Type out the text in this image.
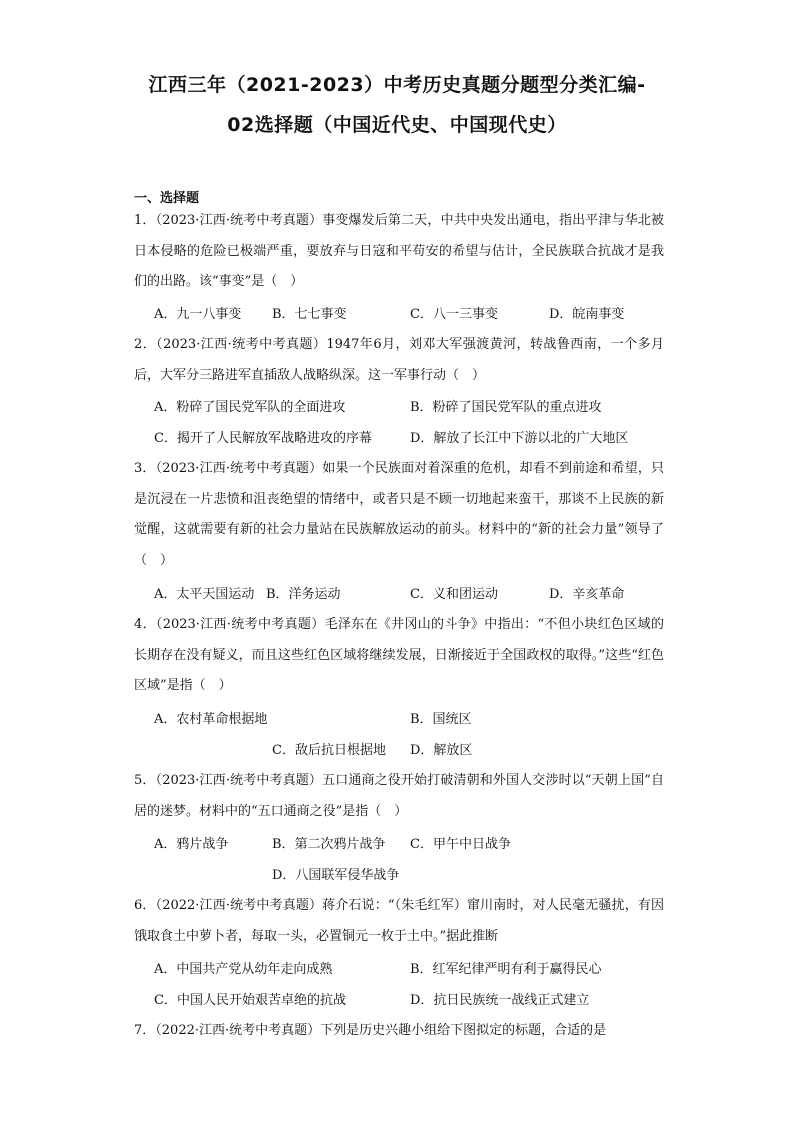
江西三年（2021-2023）中考历史真题分题型分类汇编-
02选择题（中国近代史、中国现代史）
一、选择题
1．（2023·江西·统考中考真题）事变爆发后第二天，中共中央发出通电，指出平津与华北被日本侵略的危险已极端严重，要放弃与日寇和平苟安的希望与估计，全民族联合抗战才是我们的出路。该“事变”是（　）
A．九一八事变 B．七七事变	C．八一三事变	D．皖南事变
2．（2023·江西·统考中考真题）1947年6月，刘邓大军强渡黄河，转战鲁西南，一个多月后，大军分三路进军直插敌人战略纵深。这一军事行动（　）
A．粉碎了国民党军队的全面进攻	B．粉碎了国民党军队的重点进攻
C．揭开了人民解放军战略进攻的序幕	D．解放了长江中下游以北的广大地区
3．（2023·江西·统考中考真题）如果一个民族面对着深重的危机，却看不到前途和希望，只是沉浸在一片悲愤和沮丧绝望的情绪中，或者只是不顾一切地起来蛮干，那谈不上民族的新觉醒，这就需要有新的社会力量站在民族解放运动的前头。材料中的“新的社会力量”领导了（　）
A．太平天国运动 B．洋务运动	C．义和团运动	D．辛亥革命
4．（2023·江西·统考中考真题）毛泽东在《井冈山的斗争》中指出：“不但小块红色区域的长期存在没有疑义，而且这些红色区域将继续发展，日渐接近于全国政权的取得。”这些“红色区域”是指（　）
A．农村革命根据地	B．国统区
C．敌后抗日根据地 D．解放区
5．（2023·江西·统考中考真题）五口通商之役开始打破清朝和外国人交涉时以“天朝上国”自居的迷梦。材料中的“五口通商之役”是指（　）
A．鸦片战争	B．第二次鸦片战争 C．甲午中日战争
D．八国联军侵华战争
6．（2022·江西·统考中考真题）蒋介石说：“（朱毛红军）窜川南时，对人民毫无骚扰，有因饿取食土中萝卜者，每取一头，必置铜元一枚于土中。”据此推断
A．中国共产党从幼年走向成熟	B．红军纪律严明有利于赢得民心
C．中国人民开始艰苦卓绝的抗战	D．抗日民族统一战线正式建立
7．（2022·江西·统考中考真题）下列是历史兴趣小组给下图拟定的标题，合适的是
